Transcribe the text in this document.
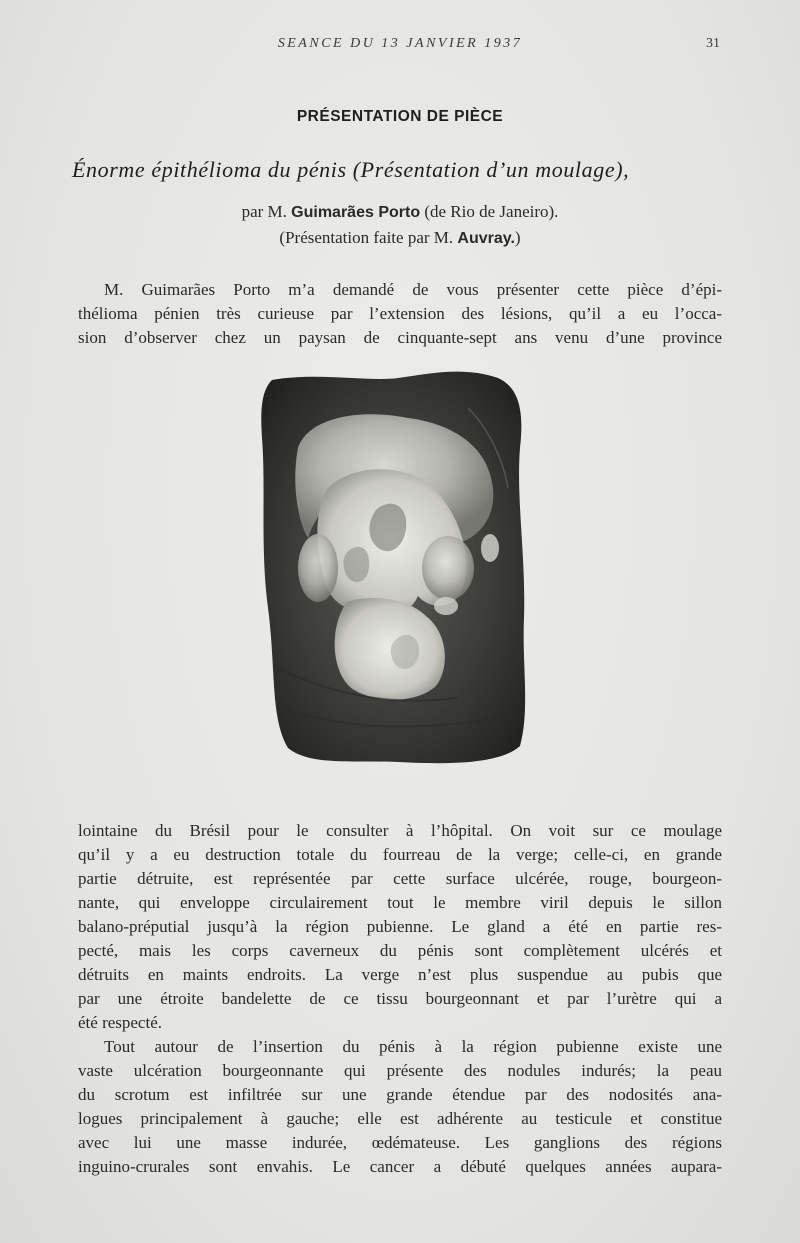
SEANCE DU 13 JANVIER 1937	31
PRÉSENTATION DE PIÈCE
Énorme épithélioma du pénis (Présentation d’un moulage),
par M. Guimarães Porto (de Rio de Janeiro).
(Présentation faite par M. Auvray.)
M. Guimarães Porto m’a demandé de vous présenter cette pièce d’épi-
thélioma pénien très curieuse par l’extension des lésions, qu’il a eu l’occa-
sion d’observer chez un paysan de cinquante-sept ans venu d’une province
lointaine du Brésil pour le consulter à l’hôpital. On voit sur ce moulage
qu’il y a eu destruction totale du fourreau de la verge; celle-ci, en grande
partie détruite, est représentée par cette surface ulcérée, rouge, bourgeon-
nante, qui enveloppe circulairement tout le membre viril depuis le sillon
balano-préputial jusqu’à la région pubienne. Le gland a été en partie res-
pecté, mais les corps caverneux du pénis sont complètement ulcérés et
détruits en maints endroits. La verge n’est plus suspendue au pubis que
par une étroite bandelette de ce tissu bourgeonnant et par l’urètre qui a
été respecté.
Tout autour de l’insertion du pénis à la région pubienne existe une
vaste ulcération bourgeonnante qui présente des nodules indurés; la peau
du scrotum est infiltrée sur une grande étendue par des nodosités ana-
logues principalement à gauche; elle est adhérente au testicule et constitue
avec lui une masse indurée, œdémateuse. Les ganglions des régions
inguino-crurales sont envahis. Le cancer a débuté quelques années aupara-
